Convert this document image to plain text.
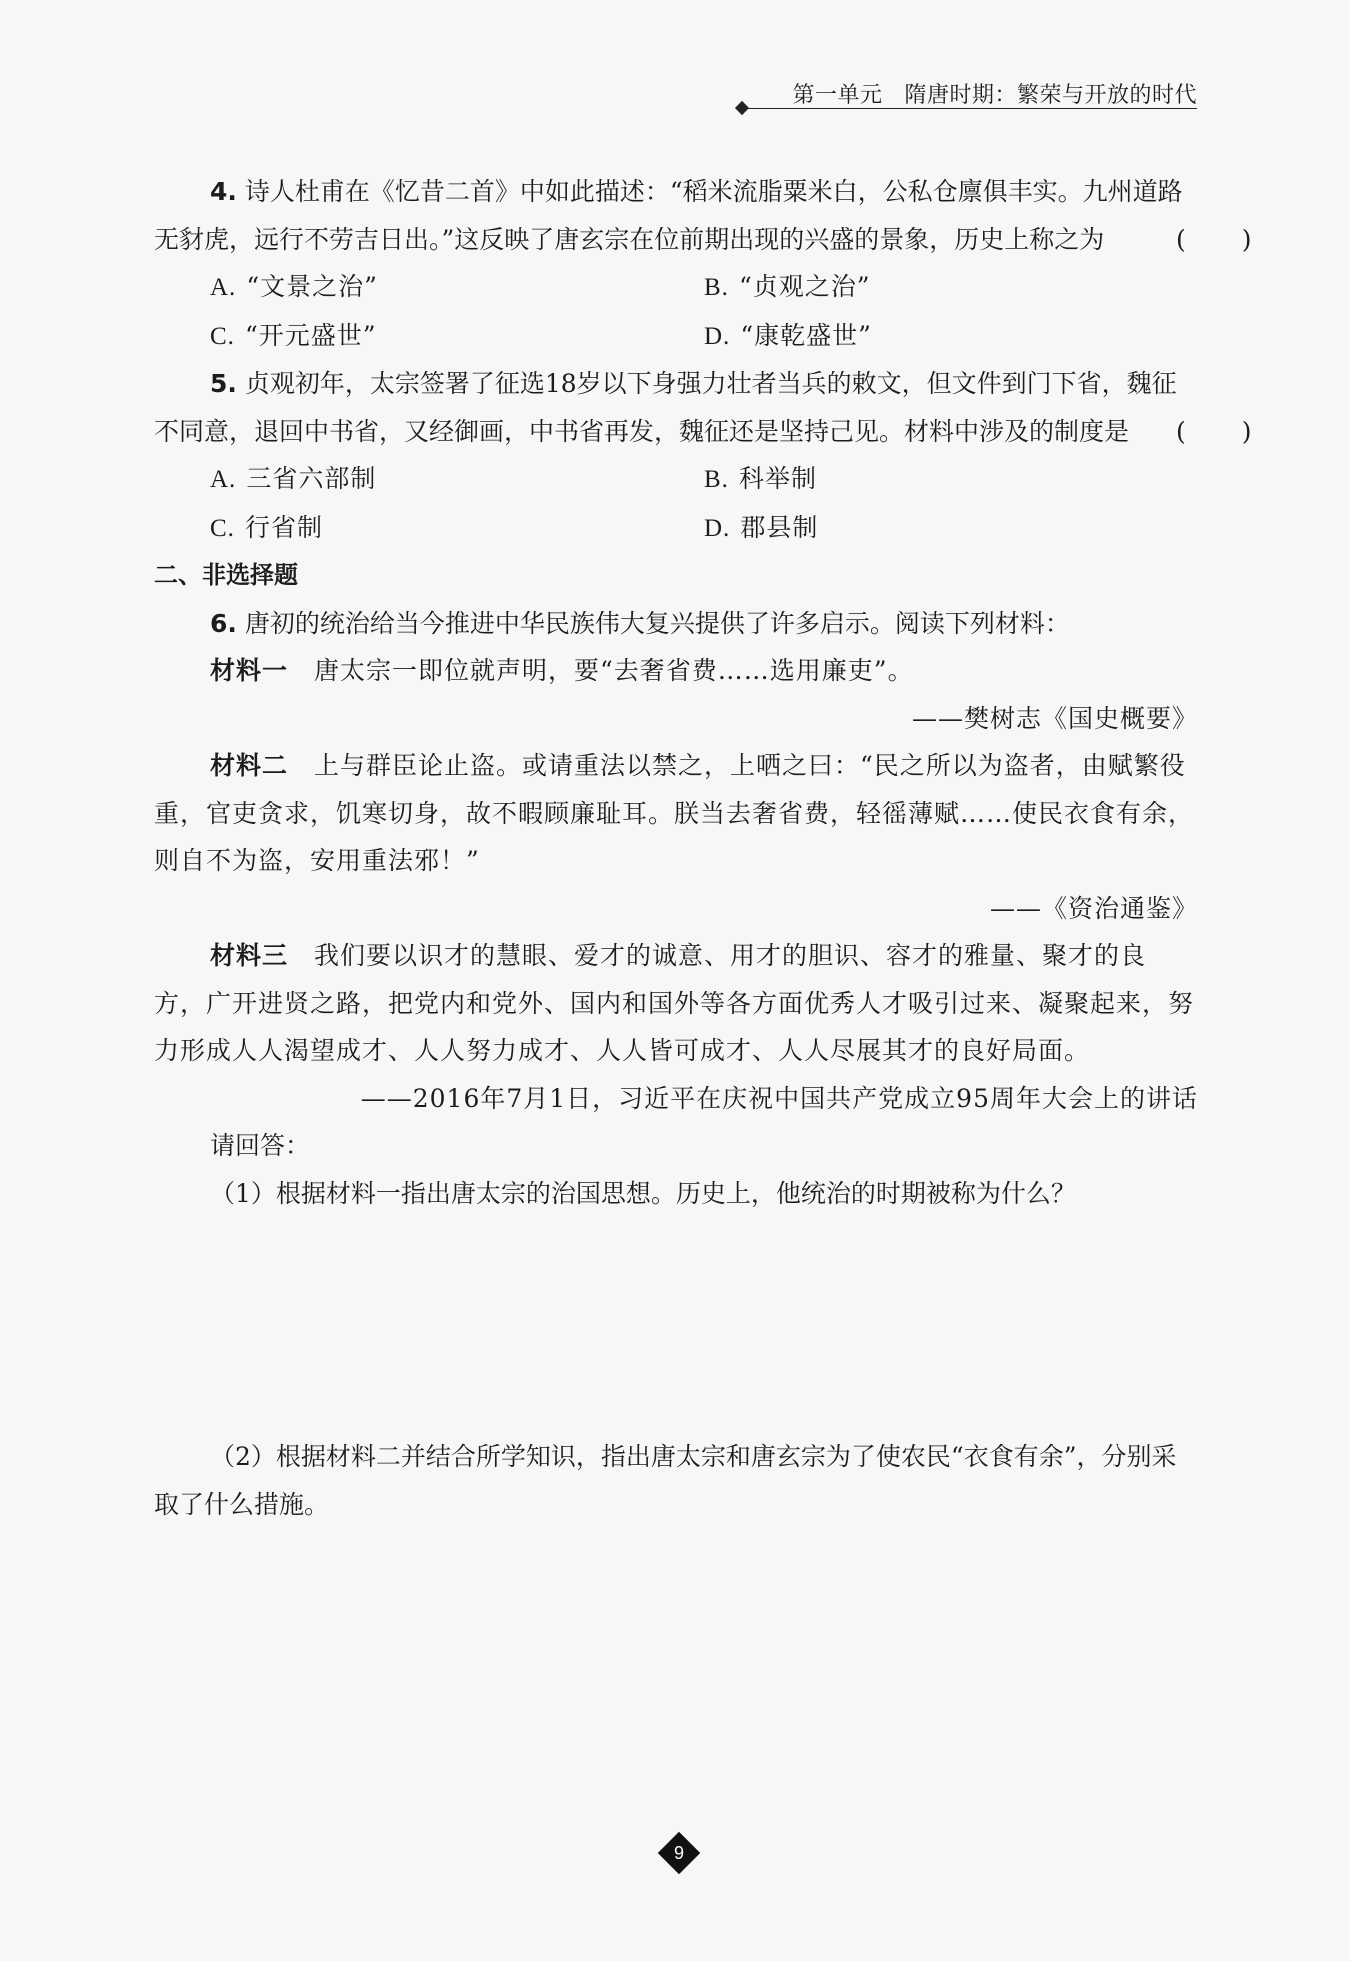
第一单元 隋唐时期：繁荣与开放的时代

4. 诗人杜甫在《忆昔二首》中如此描述：“稻米流脂粟米白，公私仓廪俱丰实。九州道路无豺虎，远行不劳吉日出。”这反映了唐玄宗在位前期出现的兴盛的景象，历史上称之为	(	)

A. “文景之治”	B. “贞观之治”
C. “开元盛世”	D. “康乾盛世”

5. 贞观初年，太宗签署了征选18岁以下身强力壮者当兵的敕文，但文件到门下省，魏征不同意，退回中书省，又经御画，中书省再发，魏征还是坚持己见。材料中涉及的制度是	(	)

A. 三省六部制	B. 科举制
C. 行省制	D. 郡县制

二、非选择题

6. 唐初的统治给当今推进中华民族伟大复兴提供了许多启示。阅读下列材料：

材料一 唐太宗一即位就声明，要“去奢省费……选用廉吏”。

——樊树志《国史概要》

材料二 上与群臣论止盗。或请重法以禁之，上哂之曰：“民之所以为盗者，由赋繁役重，官吏贪求，饥寒切身，故不暇顾廉耻耳。朕当去奢省费，轻徭薄赋……使民衣食有余，则自不为盗，安用重法邪！”

——《资治通鉴》

材料三 我们要以识才的慧眼、爱才的诚意、用才的胆识、容才的雅量、聚才的良方，广开进贤之路，把党内和党外、国内和国外等各方面优秀人才吸引过来、凝聚起来，努力形成人人渴望成才、人人努力成才、人人皆可成才、人人尽展其才的良好局面。

——2016年7月1日，习近平在庆祝中国共产党成立95周年大会上的讲话

请回答：

（1）根据材料一指出唐太宗的治国思想。历史上，他统治的时期被称为什么？

（2）根据材料二并结合所学知识，指出唐太宗和唐玄宗为了使农民“衣食有余”，分别采取了什么措施。

9
